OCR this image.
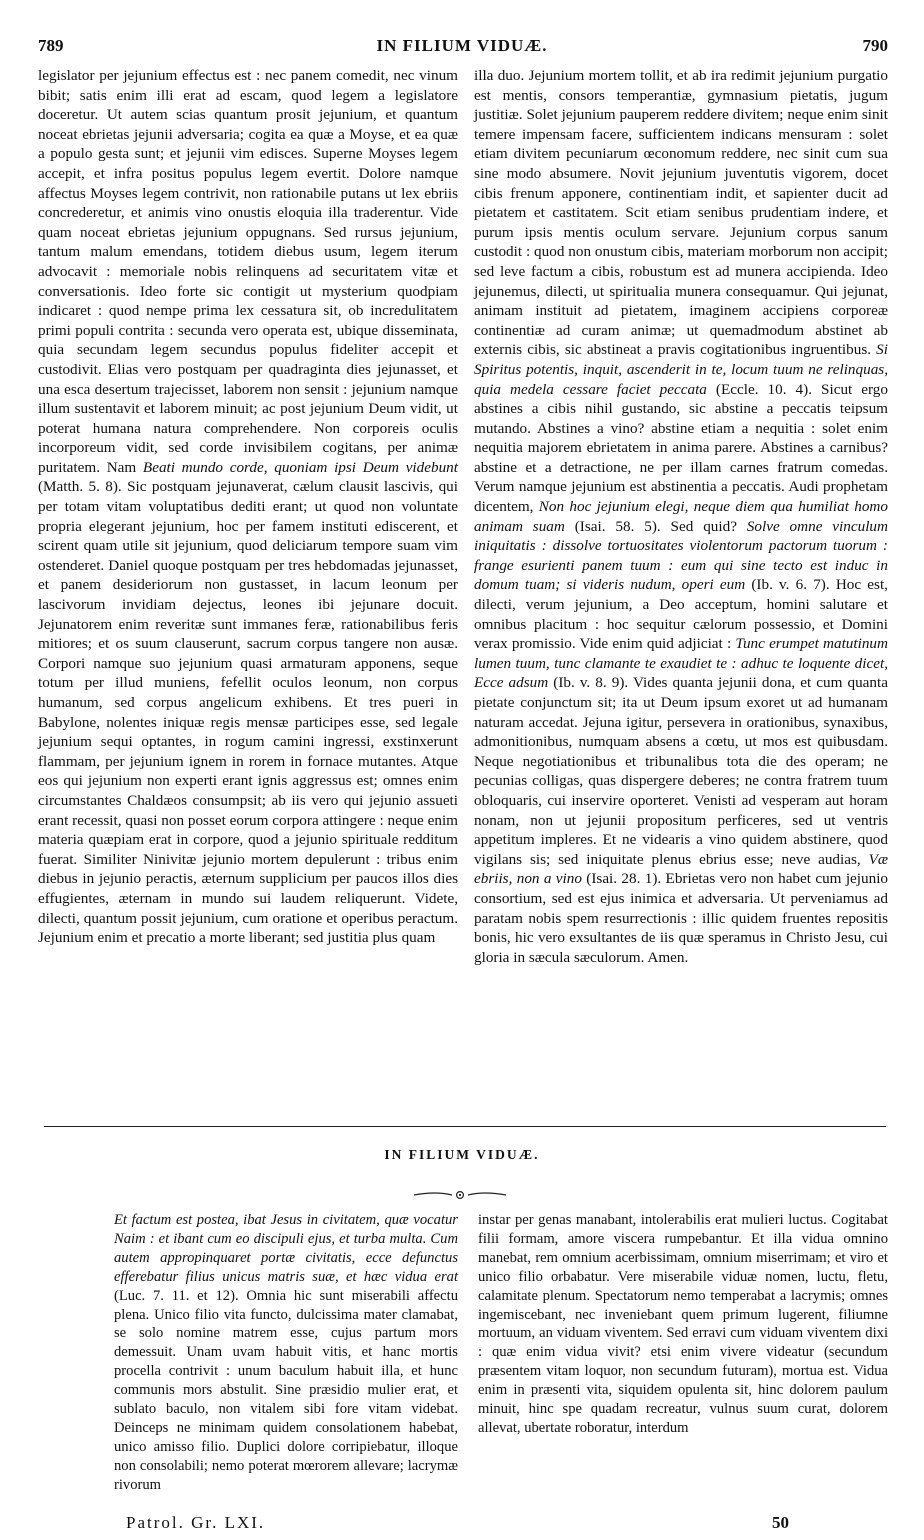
789	IN FILIUM VIDUÆ.	790

legislator per jejunium effectus est : nec panem comedit, nec vinum bibit; satis enim illi erat ad escam, quod legem a legislatore doceretur. Ut autem scias quantum prosit jejunium, et quantum noceat ebrietas jejunii adversaria; cogita ea quæ a Moyse, et ea quæ a populo gesta sunt; et jejunii vim edisces. Superne Moyses legem accepit, et infra positus populus legem evertit. Dolore namque affectus Moyses legem contrivit, non rationabile putans ut lex ebriis concrederetur, et animis vino onustis eloquia illa traderentur. Vide quam noceat ebrietas jejunium oppugnans. Sed rursus jejunium, tantum malum emendans, totidem diebus usum, legem iterum advocavit : memoriale nobis relinquens ad securitatem vitæ et conversationis. Ideo forte sic contigit ut mysterium quodpiam indicaret : quod nempe prima lex cessatura sit, ob incredulitatem primi populi contrita : secunda vero operata est, ubique disseminata, quia secundam legem secundus populus fideliter accepit et custodivit. Elias vero postquam per quadraginta dies jejunasset, et una esca desertum trajecisset, laborem non sensit : jejunium namque illum sustentavit et laborem minuit; ac post jejunium Deum vidit, ut poterat humana natura comprehendere. Non corporeis oculis incorporeum vidit, sed corde invisibilem cogitans, per animæ puritatem. Nam Beati mundo corde, quoniam ipsi Deum videbunt (Matth. 5. 8). Sic postquam jejunaverat, cælum clausit lascivis, qui per totam vitam voluptatibus dediti erant; ut quod non voluntate propria elegerant jejunium, hoc per famem instituti ediscerent, et scirent quam utile sit jejunium, quod deliciarum tempore suam vim ostenderet. Daniel quoque postquam per tres hebdomadas jejunasset, et panem desideriorum non gustasset, in lacum leonum per lascivorum invidiam dejectus, leones ibi jejunare docuit. Jejunatorem enim reveritæ sunt immanes feræ, rationabilibus feris mitiores; et os suum clauserunt, sacrum corpus tangere non ausæ. Corpori namque suo jejunium quasi armaturam apponens, seque totum per illud muniens, fefellit oculos leonum, non corpus humanum, sed corpus angelicum exhibens. Et tres pueri in Babylone, nolentes iniquæ regis mensæ participes esse, sed legale jejunium sequi optantes, in rogum camini ingressi, exstinxerunt flammam, per jejunium ignem in rorem in fornace mutantes. Atque eos qui jejunium non experti erant ignis aggressus est; omnes enim circumstantes Chaldæos consumpsit; ab iis vero qui jejunio assueti erant recessit, quasi non posset eorum corpora attingere : neque enim materia quæpiam erat in corpore, quod a jejunio spirituale redditum fuerat. Similiter Ninivitæ jejunio mortem depulerunt : tribus enim diebus in jejunio peractis, æternum supplicium per paucos illos dies effugientes, æternam in mundo sui laudem reliquerunt. Videte, dilecti, quantum possit jejunium, cum oratione et operibus peractum. Jejunium enim et precatio a morte liberant; sed justitia plus quam

illa duo. Jejunium mortem tollit, et ab ira redimit jejunium purgatio est mentis, consors temperantiæ, gymnasium pietatis, jugum justitiæ. Solet jejunium pauperem reddere divitem; neque enim sinit temere impensam facere, sufficientem indicans mensuram : solet etiam divitem pecuniarum œconomum reddere, nec sinit cum sua sine modo absumere. Novit jejunium juventutis vigorem, docet cibis frenum apponere, continentiam indit, et sapienter ducit ad pietatem et castitatem. Scit etiam senibus prudentiam indere, et purum ipsis mentis oculum servare. Jejunium corpus sanum custodit : quod non onustum cibis, materiam morborum non accipit; sed leve factum a cibis, robustum est ad munera accipienda. Ideo jejunemus, dilecti, ut spiritualia munera consequamur. Qui jejunat, animam instituit ad pietatem, imaginem accipiens corporeæ continentiæ ad curam animæ; ut quemadmodum abstinet ab externis cibis, sic abstineat a pravis cogitationibus ingruentibus. Si Spiritus potentis, inquit, ascenderit in te, locum tuum ne relinquas, quia medela cessare faciet peccata (Eccle. 10. 4). Sicut ergo abstines a cibis nihil gustando, sic abstine a peccatis teipsum mutando. Abstines a vino? abstine etiam a nequitia : solet enim nequitia majorem ebrietatem in anima parere. Abstines a carnibus? abstine et a detractione, ne per illam carnes fratrum comedas. Verum namque jejunium est abstinentia a peccatis. Audi prophetam dicentem, Non hoc jejunium elegi, neque diem qua humiliat homo animam suam (Isai. 58. 5). Sed quid? Solve omne vinculum iniquitatis : dissolve tortuositates violentorum pactorum tuorum : frange esurienti panem tuum : eum qui sine tecto est induc in domum tuam; si videris nudum, operi eum (Ib. v. 6. 7). Hoc est, dilecti, verum jejunium, a Deo acceptum, homini salutare et omnibus placitum : hoc sequitur cælorum possessio, et Domini verax promissio. Vide enim quid adjiciat : Tunc erumpet matutinum lumen tuum, tunc clamante te exaudiet te : adhuc te loquente dicet, Ecce adsum (Ib. v. 8. 9). Vides quanta jejunii dona, et cum quanta pietate conjunctum sit; ita ut Deum ipsum exoret ut ad humanam naturam accedat. Jejuna igitur, persevera in orationibus, synaxibus, admonitionibus, numquam absens a cœtu, ut mos est quibusdam. Neque negotiationibus et tribunalibus tota die des operam; ne pecunias colligas, quas dispergere deberes; ne contra fratrem tuum obloquaris, cui inservire oporteret. Venisti ad vesperam aut horam nonam, non ut jejunii propositum perficeres, sed ut ventris appetitum impleres. Et ne videaris a vino quidem abstinere, quod vigilans sis; sed iniquitate plenus ebrius esse; neve audias, Væ ebriis, non a vino (Isai. 28. 1). Ebrietas vero non habet cum jejunio consortium, sed est ejus inimica et adversaria. Ut perveniamus ad paratam nobis spem resurrectionis : illic quidem fruentes repositis bonis, hic vero exsultantes de iis quæ speramus in Christo Jesu, cui gloria in sæcula sæculorum. Amen.

IN FILIUM VIDUÆ.

Et factum est postea, ibat Jesus in civitatem, quæ vocatur Naim : et ibant cum eo discipuli ejus, et turba multa. Cum autem appropinquaret portæ civitatis, ecce defunctus efferebatur filius unicus matris suæ, et hæc vidua erat (Luc. 7. 11. et 12). Omnia hic sunt miserabili affectu plena. Unico filio vita functo, dulcissima mater clamabat, se solo nomine matrem esse, cujus partum mors demessuit. Unam uvam habuit vitis, et hanc mortis procella contrivit : unum baculum habuit illa, et hunc communis mors abstulit. Sine præsidio mulier erat, et sublato baculo, non vitalem sibi fore vitam videbat. Deinceps ne minimam quidem consolationem habebat, unico amisso filio. Duplici dolore corripiebatur, illoque non consolabili; nemo poterat mœrorem allevare; lacrymæ rivorum

instar per genas manabant, intolerabilis erat mulieri luctus. Cogitabat filii formam, amore viscera rumpebantur. Et illa vidua omnino manebat, rem omnium acerbissimam, omnium miserrimam; et viro et unico filio orbabatur. Vere miserabile viduæ nomen, luctu, fletu, calamitate plenum. Spectatorum nemo temperabat a lacrymis; omnes ingemiscebant, nec inveniebant quem primum lugerent, filiumne mortuum, an viduam viventem. Sed erravi cum viduam viventem dixi : quæ enim vidua vivit? etsi enim vivere videatur (secundum præsentem vitam loquor, non secundum futuram), mortua est. Vidua enim in præsenti vita, siquidem opulenta sit, hinc dolorem paulum minuit, hinc spe quadam recreatur, vulnus suum curat, dolorem allevat, ubertate roboratur, interdum

Patrol. Gr. LXI.	50
